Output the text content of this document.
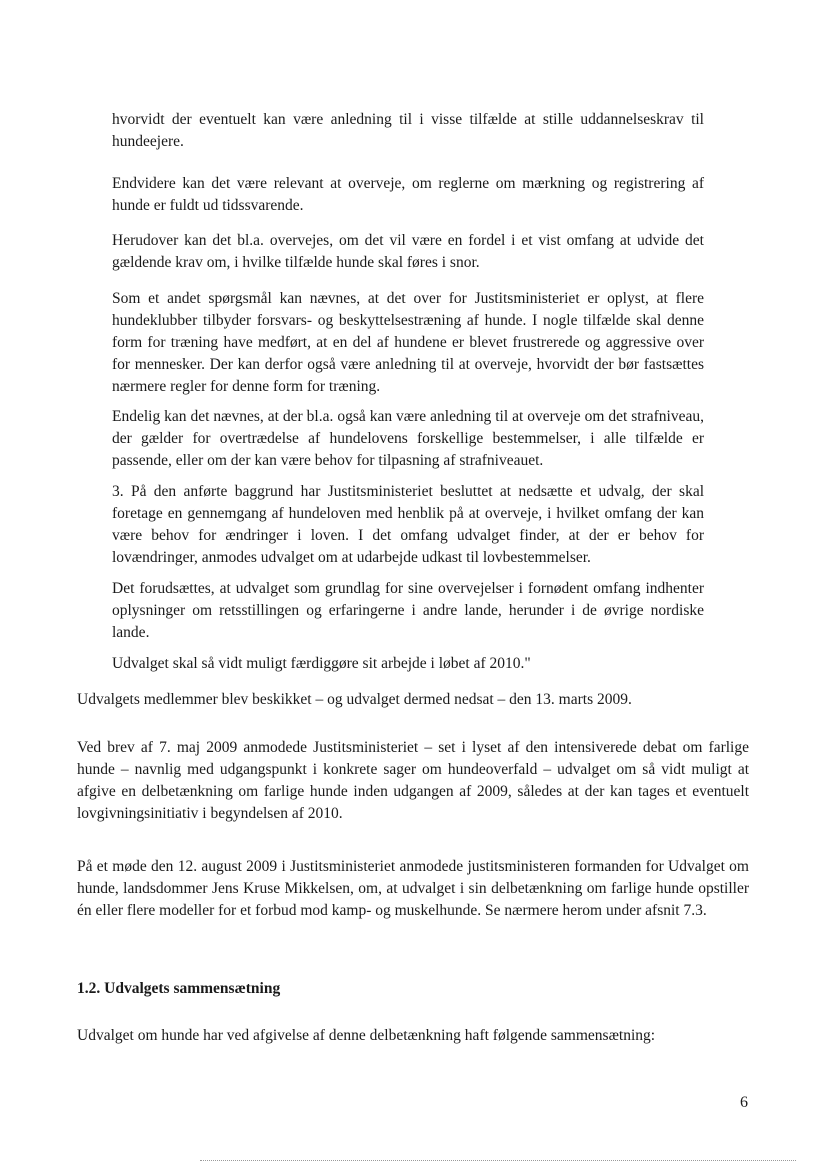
hvorvidt der eventuelt kan være anledning til i visse tilfælde at stille uddannelseskrav til hundeejere.

Endvidere kan det være relevant at overveje, om reglerne om mærkning og registrering af hunde er fuldt ud tidssvarende.

Herudover kan det bl.a. overvejes, om det vil være en fordel i et vist omfang at udvide det gældende krav om, i hvilke tilfælde hunde skal føres i snor.

Som et andet spørgsmål kan nævnes, at det over for Justitsministeriet er oplyst, at flere hundeklubber tilbyder forsvars- og beskyttelsestræning af hunde. I nogle tilfælde skal denne form for træning have medført, at en del af hundene er blevet frustrerede og aggressive over for mennesker. Der kan derfor også være anledning til at overveje, hvorvidt der bør fastsættes nærmere regler for denne form for træning.

Endelig kan det nævnes, at der bl.a. også kan være anledning til at overveje om det strafniveau, der gælder for overtrædelse af hundelovens forskellige bestemmelser, i alle tilfælde er passende, eller om der kan være behov for tilpasning af strafniveauet.

3. På den anførte baggrund har Justitsministeriet besluttet at nedsætte et udvalg, der skal foretage en gennemgang af hundeloven med henblik på at overveje, i hvilket omfang der kan være behov for ændringer i loven. I det omfang udvalget finder, at der er behov for lovændringer, anmodes udvalget om at udarbejde udkast til lovbestemmelser.

Det forudsættes, at udvalget som grundlag for sine overvejelser i fornødent omfang indhenter oplysninger om retsstillingen og erfaringerne i andre lande, herunder i de øvrige nordiske lande.

Udvalget skal så vidt muligt færdiggøre sit arbejde i løbet af 2010."

Udvalgets medlemmer blev beskikket – og udvalget dermed nedsat – den 13. marts 2009.

Ved brev af 7. maj 2009 anmodede Justitsministeriet – set i lyset af den intensiverede debat om farlige hunde – navnlig med udgangspunkt i konkrete sager om hundeoverfald – udvalget om så vidt muligt at afgive en delbetænkning om farlige hunde inden udgangen af 2009, således at der kan tages et eventuelt lovgivningsinitiativ i begyndelsen af 2010.

På et møde den 12. august 2009 i Justitsministeriet anmodede justitsministeren formanden for Udvalget om hunde, landsdommer Jens Kruse Mikkelsen, om, at udvalget i sin delbetænkning om farlige hunde opstiller én eller flere modeller for et forbud mod kamp- og muskelhunde. Se nærmere herom under afsnit 7.3.

1.2. Udvalgets sammensætning

Udvalget om hunde har ved afgivelse af denne delbetænkning haft følgende sammensætning:

6
